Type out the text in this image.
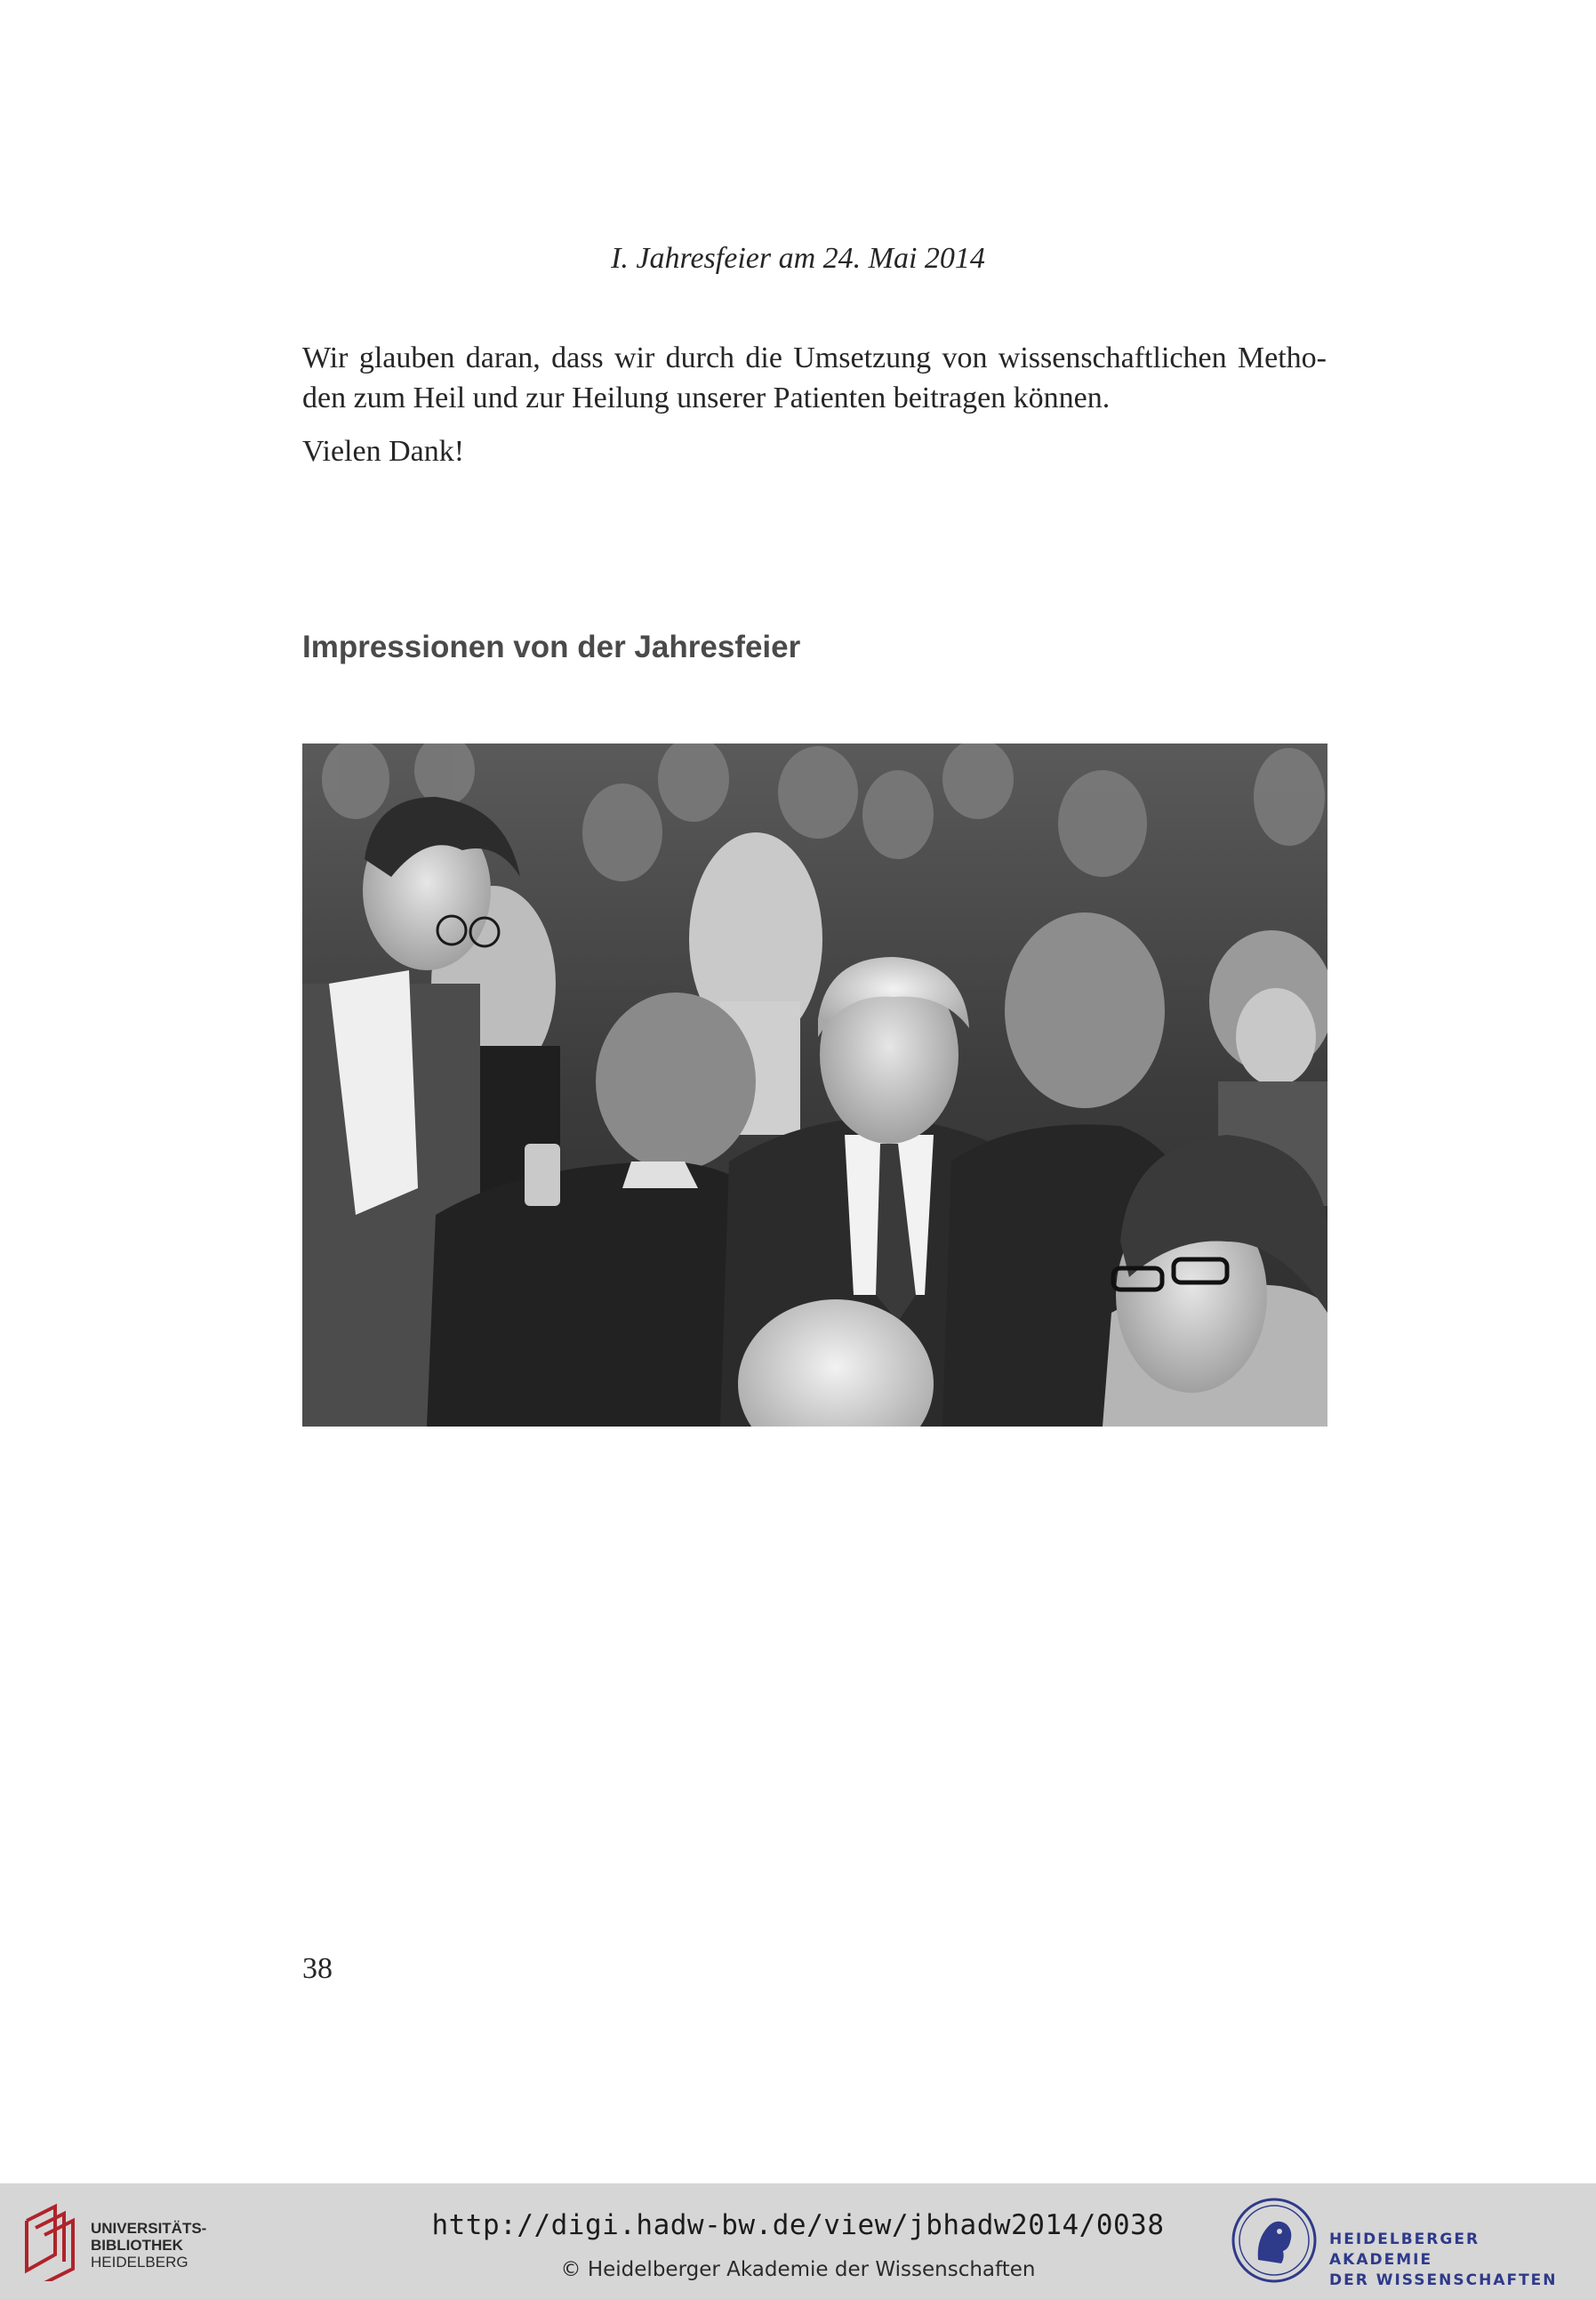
I. Jahresfeier am 24. Mai 2014
Wir glauben daran, dass wir durch die Umsetzung von wissenschaftlichen Metho-
den zum Heil und zur Heilung unserer Patienten beitragen können.
Vielen Dank!
Impressionen von der Jahresfeier
38
UNIVERSITÄTS-
BIBLIOTHEK
HEIDELBERG
http://digi.hadw-bw.de/view/jbhadw2014/0038
© Heidelberger Akademie der Wissenschaften
HEIDELBERGER AKADEMIE
DER WISSENSCHAFTEN
